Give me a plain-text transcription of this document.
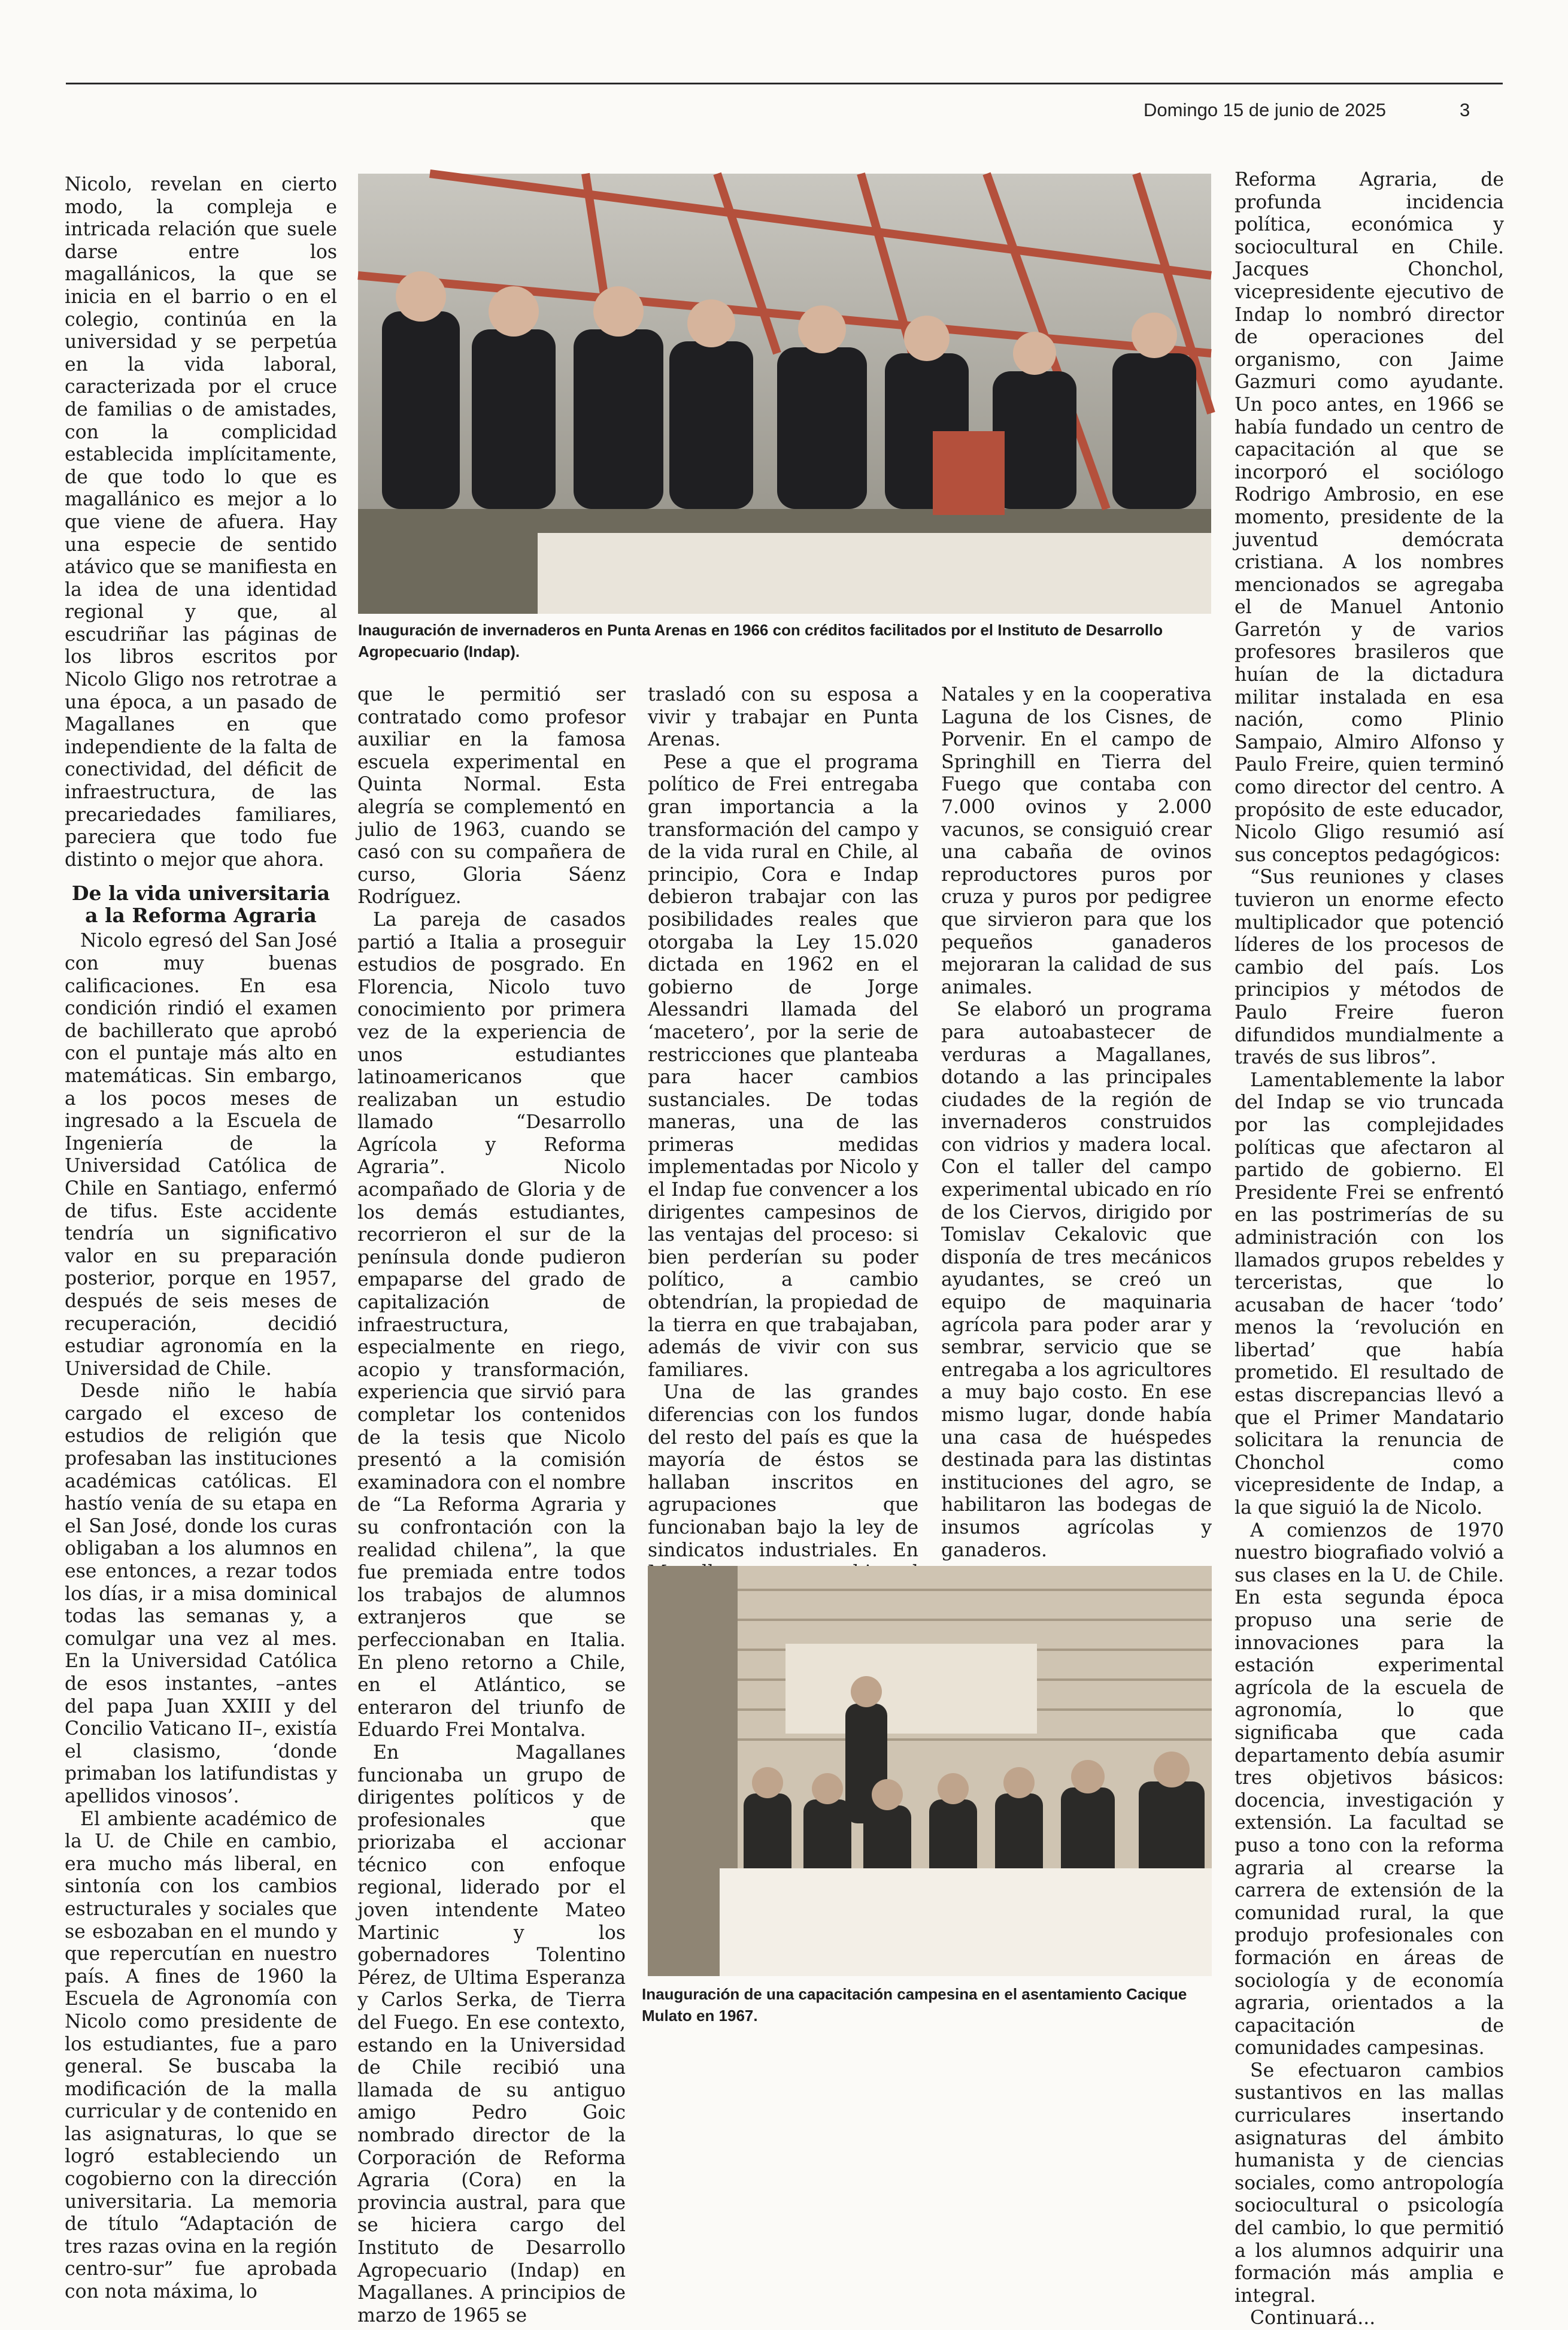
Domingo 15 de junio de 2025	3

Nicolo, revelan en cierto modo, la compleja e intricada relación que suele darse entre los magallánicos, la que se inicia en el barrio o en el colegio, continúa en la universidad y se perpetúa en la vida laboral, caracterizada por el cruce de familias o de amistades, con la complicidad establecida implícitamente, de que todo lo que es magallánico es mejor a lo que viene de afuera. Hay una especie de sentido atávico que se manifiesta en la idea de una identidad regional y que, al escudriñar las páginas de los libros escritos por Nicolo Gligo nos retrotrae a una época, a un pasado de Magallanes en que independiente de la falta de conectividad, del déficit de infraestructura, de las precariedades familiares, pareciera que todo fue distinto o mejor que ahora.

De la vida universitaria a la Reforma Agraria

Nicolo egresó del San José con muy buenas calificaciones. En esa condición rindió el examen de bachillerato que aprobó con el puntaje más alto en matemáticas. Sin embargo, a los pocos meses de ingresado a la Escuela de Ingeniería de la Universidad Católica de Chile en Santiago, enfermó de tifus. Este accidente tendría un significativo valor en su preparación posterior, porque en 1957, después de seis meses de recuperación, decidió estudiar agronomía en la Universidad de Chile.

Desde niño le había cargado el exceso de estudios de religión que profesaban las instituciones académicas católicas. El hastío venía de su etapa en el San José, donde los curas obligaban a los alumnos en ese entonces, a rezar todos los días, ir a misa dominical todas las semanas y, a comulgar una vez al mes. En la Universidad Católica de esos instantes, –antes del papa Juan XXIII y del Concilio Vaticano II–, existía el clasismo, ‘donde primaban los latifundistas y apellidos vinosos’.

El ambiente académico de la U. de Chile en cambio, era mucho más liberal, en sintonía con los cambios estructurales y sociales que se esbozaban en el mundo y que repercutían en nuestro país. A fines de 1960 la Escuela de Agronomía con Nicolo como presidente de los estudiantes, fue a paro general. Se buscaba la modificación de la malla curricular y de contenido en las asignaturas, lo que se logró estableciendo un cogobierno con la dirección universitaria. La memoria de título “Adaptación de tres razas ovina en la región centro-sur” fue aprobada con nota máxima, lo

Inauguración de invernaderos en Punta Arenas en 1966 con créditos facilitados por el Instituto de Desarrollo Agropecuario (Indap).

que le permitió ser contratado como profesor auxiliar en la famosa escuela experimental en Quinta Normal. Esta alegría se complementó en julio de 1963, cuando se casó con su compañera de curso, Gloria Sáenz Rodríguez.

La pareja de casados partió a Italia a proseguir estudios de posgrado. En Florencia, Nicolo tuvo conocimiento por primera vez de la experiencia de unos estudiantes latinoamericanos que realizaban un estudio llamado “Desarrollo Agrícola y Reforma Agraria”. Nicolo acompañado de Gloria y de los demás estudiantes, recorrieron el sur de la península donde pudieron empaparse del grado de capitalización de infraestructura, especialmente en riego, acopio y transformación, experiencia que sirvió para completar los contenidos de la tesis que Nicolo presentó a la comisión examinadora con el nombre de “La Reforma Agraria y su confrontación con la realidad chilena”, la que fue premiada entre todos los trabajos de alumnos extranjeros que se perfeccionaban en Italia. En pleno retorno a Chile, en el Atlántico, se enteraron del triunfo de Eduardo Frei Montalva.

En Magallanes funcionaba un grupo de dirigentes políticos y de profesionales que priorizaba el accionar técnico con enfoque regional, liderado por el joven intendente Mateo Martinic y los gobernadores Tolentino Pérez, de Ultima Esperanza y Carlos Serka, de Tierra del Fuego. En ese contexto, estando en la Universidad de Chile recibió una llamada de su antiguo amigo Pedro Goic nombrado director de la Corporación de Reforma Agraria (Cora) en la provincia austral, para que se hiciera cargo del Instituto de Desarrollo Agropecuario (Indap) en Magallanes. A principios de marzo de 1965 se

trasladó con su esposa a vivir y trabajar en Punta Arenas.

Pese a que el programa político de Frei entregaba gran importancia a la transformación del campo y de la vida rural en Chile, al principio, Cora e Indap debieron trabajar con las posibilidades reales que otorgaba la Ley 15.020 dictada en 1962 en el gobierno de Jorge Alessandri llamada del ‘macetero’, por la serie de restricciones que planteaba para hacer cambios sustanciales. De todas maneras, una de las primeras medidas implementadas por Nicolo y el Indap fue convencer a los dirigentes campesinos de las ventajas del proceso: si bien perderían su poder político, a cambio obtendrían, la propiedad de la tierra en que trabajaban, además de vivir con sus familiares.

Una de las grandes diferencias con los fundos del resto del país es que la mayoría de éstos se hallaban inscritos en agrupaciones que funcionaban bajo la ley de sindicatos industriales. En

Natales y en la cooperativa Laguna de los Cisnes, de Porvenir. En el campo de Springhill en Tierra del Fuego que contaba con 7.000 ovinos y 2.000 vacunos, se consiguió crear una cabaña de ovinos reproductores puros por cruza y puros por pedigree que sirvieron para que los pequeños ganaderos mejoraran la calidad de sus animales.

Se elaboró un programa para autoabastecer de verduras a Magallanes, dotando a las principales ciudades de la región de invernaderos construidos con vidrios y madera local. Con el taller del campo experimental ubicado en río de los Ciervos, dirigido por Tomislav Cekalovic que disponía de tres mecánicos ayudantes, se creó un equipo de maquinaria agrícola para poder arar y sembrar, servicio que se entregaba a los agricultores a muy bajo costo. En ese mismo lugar, donde había una casa de huéspedes destinada para las distintas instituciones del agro, se habilitaron las bodegas de insumos agrícolas y ganaderos.

Inauguración de una capacitación campesina en el asentamiento Cacique Mulato en 1967.

Reforma Agraria, de profunda incidencia política, económica y sociocultural en Chile. Jacques Chonchol, vicepresidente ejecutivo de Indap lo nombró director de operaciones del organismo, con Jaime Gazmuri como ayudante. Un poco antes, en 1966 se había fundado un centro de capacitación al que se incorporó el sociólogo Rodrigo Ambrosio, en ese momento, presidente de la juventud demócrata cristiana. A los nombres mencionados se agregaba el de Manuel Antonio Garretón y de varios profesores brasileros que huían de la dictadura militar instalada en esa nación, como Plinio Sampaio, Almiro Alfonso y Paulo Freire, quien terminó como director del centro. A propósito de este educador, Nicolo Gligo resumió así sus conceptos pedagógicos:

“Sus reuniones y clases tuvieron un enorme efecto multiplicador que potenció líderes de los procesos de cambio del país. Los principios y métodos de Paulo Freire fueron difundidos mundialmente a través de sus libros”.

Lamentablemente la labor del Indap se vio truncada por las complejidades políticas que afectaron al partido de gobierno. El Presidente Frei se enfrentó en las postrimerías de su administración con los llamados grupos rebeldes y terceristas, que lo acusaban de hacer ‘todo’ menos la ‘revolución en libertad’ que había prometido. El resultado de estas discrepancias llevó a que el Primer Mandatario solicitara la renuncia de Chonchol como vicepresidente de Indap, a la que siguió la de Nicolo.

A comienzos de 1970 nuestro biografiado volvió a sus clases en la U. de Chile. En esta segunda época propuso una serie de innovaciones para la estación experimental agrícola de la escuela de agronomía, lo que significaba que cada departamento debía asumir tres objetivos básicos: docencia, investigación y extensión. La facultad se puso a tono con la reforma agraria al crearse la carrera de extensión de la comunidad rural, la que produjo profesionales con formación en áreas de sociología y de economía agraria, orientados a la capacitación de comunidades campesinas.

Se efectuaron cambios sustantivos en las mallas curriculares insertando asignaturas del ámbito humanista y de ciencias sociales, como antropología sociocultural o psicología del cambio, lo que permitió a los alumnos adquirir una formación más amplia e integral.

Continuará...
